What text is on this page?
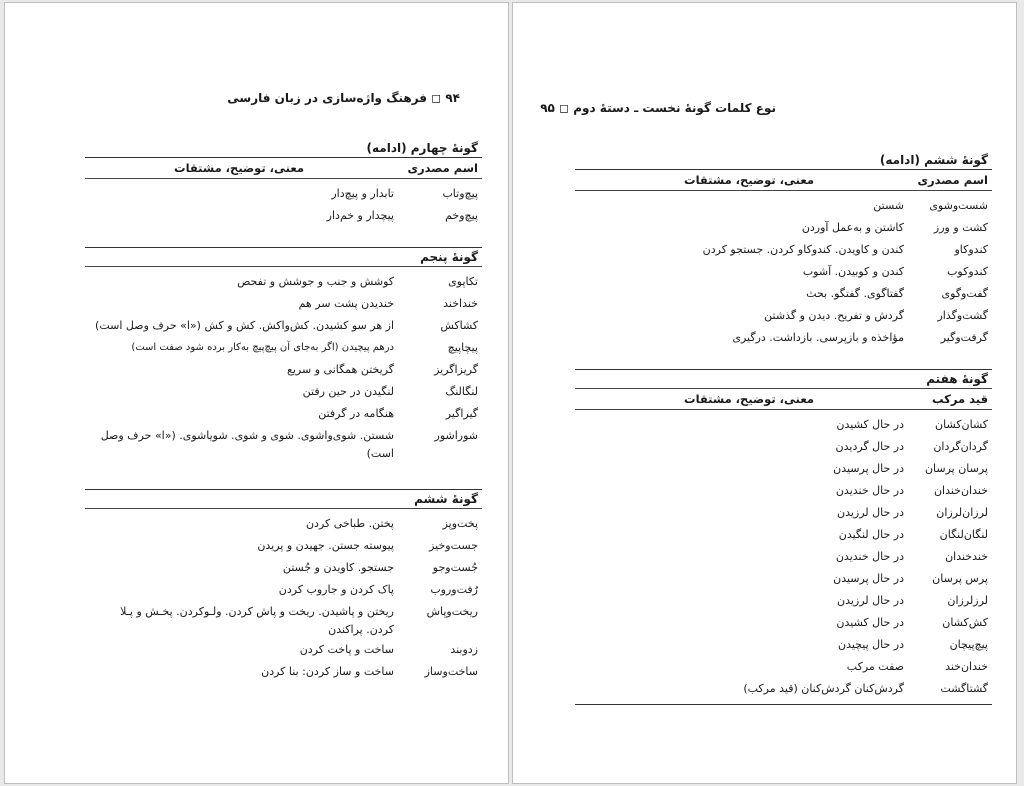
۹۴ ◻ فرهنگ واژه‌سازی در زبان فارسی
گونهٔ چهارم (ادامه)
اسم مصدری
معنی، توضیح، مشتقات
پیچ‌وتاب
تابدار و پیچ‌دار
پیچ‌وخم
پیچدار و خم‌دار
گونهٔ پنجم
تکاپوی
کوشش و جنب و جوشش و تفحص
خنداخند
خندیدن پشت سر هم
کشاکش
از هر سو کشیدن. کش‌واکش. کش و کش («ا» حرف وصل است)
پیچاپیچ
درهم پیچیدن (اگر به‌جای آن پیچ‌پیچ به‌کار برده شود صفت است)
گریزاگریز
گریختن همگانی و سریع
لنگالنگ
لنگیدن در حین رفتن
گیراگیر
هنگامه در گرفتن
شوراشور
شستن. شوی‌واشوی. شوی و شوی. شویاشوی. («ا» حرف وصل است)
گونهٔ ششم
پخت‌وپز
پختن. طباخی کردن
جست‌وخیز
پیوسته جستن. جهیدن و پریدن
جُست‌وجو
جستجو. کاویدن و جُستن
رُفت‌وروب
پاک کردن و جاروب کردن
ریخت‌وپاش
ریختن و پاشیدن. ریخت و پاش کردن. ولـوکردن. پخـش و پـلا کردن. پراکندن
زدوبند
ساخت و پاخت کردن
ساخت‌وساز
ساخت و ساز کردن: بنا کردن
نوع کلمات گونهٔ نخست ـ دستهٔ دوم ◻ ۹۵
گونهٔ ششم (ادامه)
اسم مصدری
معنی، توضیح، مشتقات
شست‌وشوی
شستن
کشت و ورز
کاشتن و به‌عمل آوردن
کندوکاو
کندن و کاویدن. کندوکاو کردن. جستجو کردن
کندوکوب
کندن و کوبیدن. آشوب
گفت‌وگوی
گفتاگوی. گفتگو. بحث
گشت‌وگذار
گردش و تفریح. دیدن و گذشتن
گرفت‌وگیر
مؤاخذه و بازپرسی. بازداشت. درگیری
گونهٔ هفتم
قید مرکب
معنی، توضیح، مشتقات
کشان‌کشان
در حال کشیدن
گردان‌گردان
در حال گردیدن
پرسان پرسان
در حال پرسیدن
خندان‌خندان
در حال خندیدن
لرزان‌لرزان
در حال لرزیدن
لنگان‌لنگان
در حال لنگیدن
خندخندان
در حال خندیدن
پرس پرسان
در حال پرسیدن
لرزلرزان
در حال لرزیدن
کش‌کشان
در حال کشیدن
پیچ‌پیچان
در حال پیچیدن
خندان‌خند
صفت مرکب
گشتاگشت
گردش‌کنان گردش‌کنان (قید مرکب)
